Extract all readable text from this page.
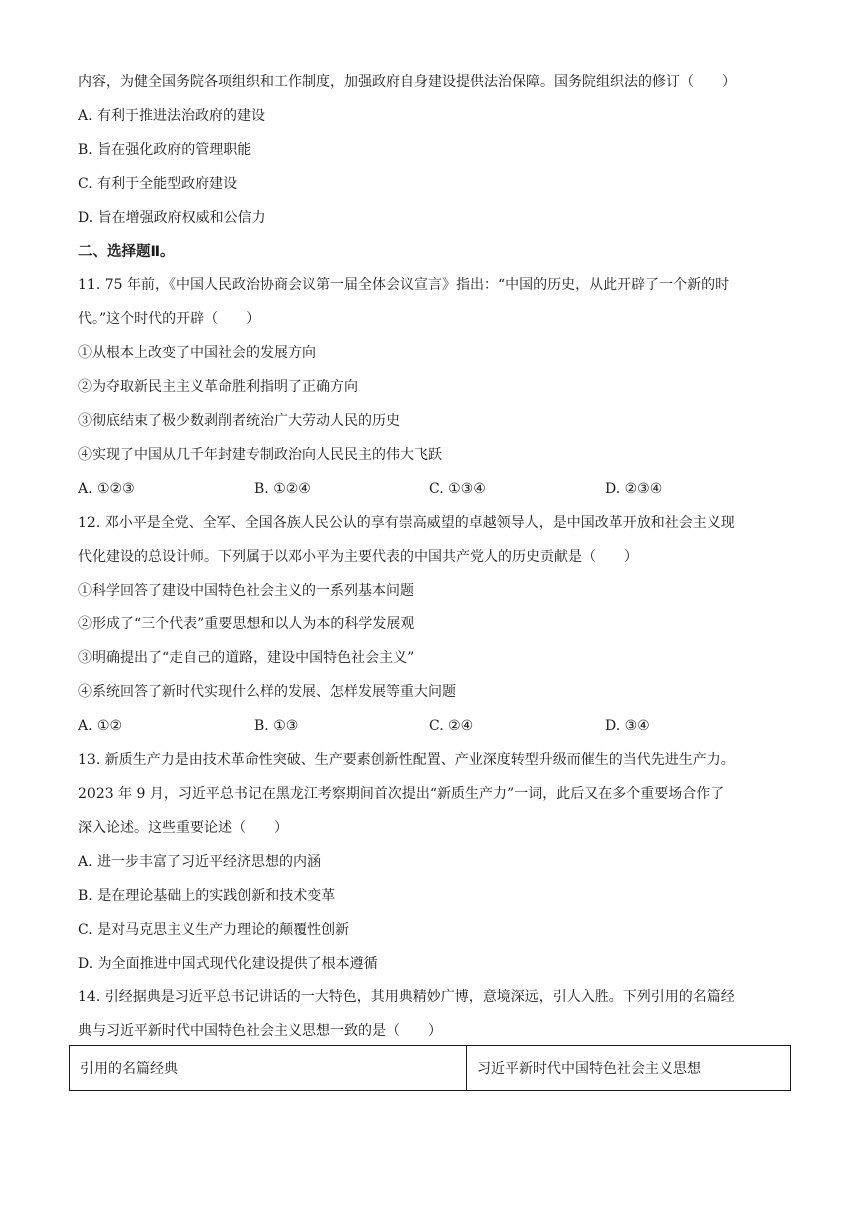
内容，为健全国务院各项组织和工作制度，加强政府自身建设提供法治保障。国务院组织法的修订（　　）
A. 有利于推进法治政府的建设
B. 旨在强化政府的管理职能
C. 有利于全能型政府建设
D. 旨在增强政府权威和公信力
二、选择题Ⅱ。
11. 75 年前，《中国人民政治协商会议第一届全体会议宣言》指出：“中国的历史，从此开辟了一个新的时
代。”这个时代的开辟（　　）
①从根本上改变了中国社会的发展方向
②为夺取新民主主义革命胜利指明了正确方向
③彻底结束了极少数剥削者统治广大劳动人民的历史
④实现了中国从几千年封建专制政治向人民民主的伟大飞跃
A. ①②③	B. ①②④	C. ①③④	D. ②③④
12. 邓小平是全党、全军、全国各族人民公认的享有崇高威望的卓越领导人，是中国改革开放和社会主义现
代化建设的总设计师。下列属于以邓小平为主要代表的中国共产党人的历史贡献是（　　）
①科学回答了建设中国特色社会主义的一系列基本问题
②形成了“三个代表”重要思想和以人为本的科学发展观
③明确提出了“走自己的道路，建设中国特色社会主义”
④系统回答了新时代实现什么样的发展、怎样发展等重大问题
A. ①②	B. ①③	C. ②④	D. ③④
13. 新质生产力是由技术革命性突破、生产要素创新性配置、产业深度转型升级而催生的当代先进生产力。
2023 年 9 月，习近平总书记在黑龙江考察期间首次提出“新质生产力”一词，此后又在多个重要场合作了
深入论述。这些重要论述（　　）
A. 进一步丰富了习近平经济思想的内涵
B. 是在理论基础上的实践创新和技术变革
C. 是对马克思主义生产力理论的颠覆性创新
D. 为全面推进中国式现代化建设提供了根本遵循
14. 引经据典是习近平总书记讲话的一大特色，其用典精妙广博，意境深远，引人入胜。下列引用的名篇经
典与习近平新时代中国特色社会主义思想一致的是（　　）
引用的名篇经典	习近平新时代中国特色社会主义思想
